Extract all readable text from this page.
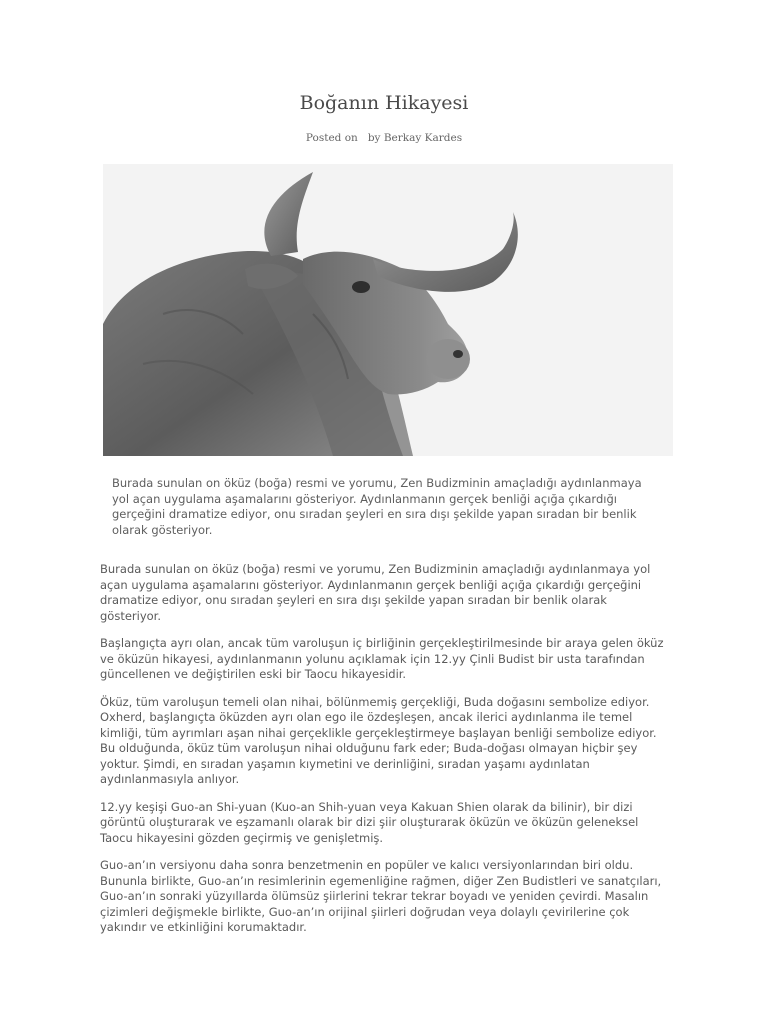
Boğanın Hikayesi
Posted on by Berkay Kardes
Burada sunulan on öküz (boğa) resmi ve yorumu, Zen Budizminin amaçladığı aydınlanmaya yol açan uygulama aşamalarını gösteriyor. Aydınlanmanın gerçek benliği açığa çıkardığı gerçeğini dramatize ediyor, onu sıradan şeyleri en sıra dışı şekilde yapan sıradan bir benlik olarak gösteriyor.

Burada sunulan on öküz (boğa) resmi ve yorumu, Zen Budizminin amaçladığı aydınlanmaya yol açan uygulama aşamalarını gösteriyor. Aydınlanmanın gerçek benliği açığa çıkardığı gerçeğini dramatize ediyor, onu sıradan şeyleri en sıra dışı şekilde yapan sıradan bir benlik olarak gösteriyor.

Başlangıçta ayrı olan, ancak tüm varoluşun iç birliğinin gerçekleştirilmesinde bir araya gelen öküz ve öküzün hikayesi, aydınlanmanın yolunu açıklamak için 12.yy Çinli Budist bir usta tarafından güncellenen ve değiştirilen eski bir Taocu hikayesidir.

Öküz, tüm varoluşun temeli olan nihai, bölünmemiş gerçekliği, Buda doğasını sembolize ediyor. Oxherd, başlangıçta öküzden ayrı olan ego ile özdeşleşen, ancak ilerici aydınlanma ile temel kimliği, tüm ayrımları aşan nihai gerçeklikle gerçekleştirmeye başlayan benliği sembolize ediyor. Bu olduğunda, öküz tüm varoluşun nihai olduğunu fark eder; Buda-doğası olmayan hiçbir şey yoktur. Şimdi, en sıradan yaşamın kıymetini ve derinliğini, sıradan yaşamı aydınlatan aydınlanmasıyla anlıyor.

12.yy keşişi Guo-an Shi-yuan (Kuo-an Shih-yuan veya Kakuan Shien olarak da bilinir), bir dizi görüntü oluşturarak ve eşzamanlı olarak bir dizi şiir oluşturarak öküzün ve öküzün geleneksel Taocu hikayesini gözden geçirmiş ve genişletmiş.

Guo-an’ın versiyonu daha sonra benzetmenin en popüler ve kalıcı versiyonlarından biri oldu. Bununla birlikte, Guo-an’ın resimlerinin egemenliğine rağmen, diğer Zen Budistleri ve sanatçıları, Guo-an’ın sonraki yüzyıllarda ölümsüz şiirlerini tekrar tekrar boyadı ve yeniden çevirdi. Masalın çizimleri değişmekle birlikte, Guo-an’ın orijinal şiirleri doğrudan veya dolaylı çevirilerine çok yakındır ve etkinliğini korumaktadır.
